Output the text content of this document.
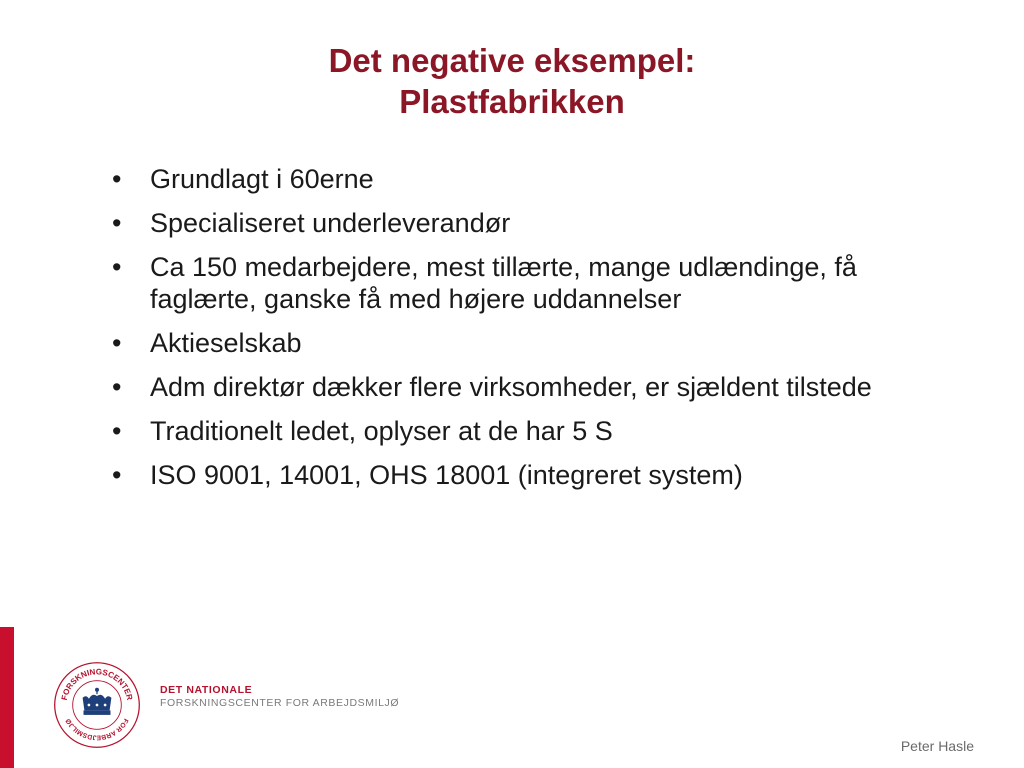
Det negative eksempel:
Plastfabrikken
• Grundlagt i 60erne
• Specialiseret underleverandør
• Ca 150 medarbejdere, mest tillærte, mange udlændinge, få faglærte, ganske få med højere uddannelser
• Aktieselskab
• Adm direktør dækker flere virksomheder, er sjældent tilstede
• Traditionelt ledet, oplyser at de har 5 S
• ISO 9001, 14001, OHS 18001 (integreret system)
FORSKNINGSCENTER
FOR ARBEJDSMILJØ
DET NATIONALE
FORSKNINGSCENTER FOR ARBEJDSMILJØ
Peter Hasle
